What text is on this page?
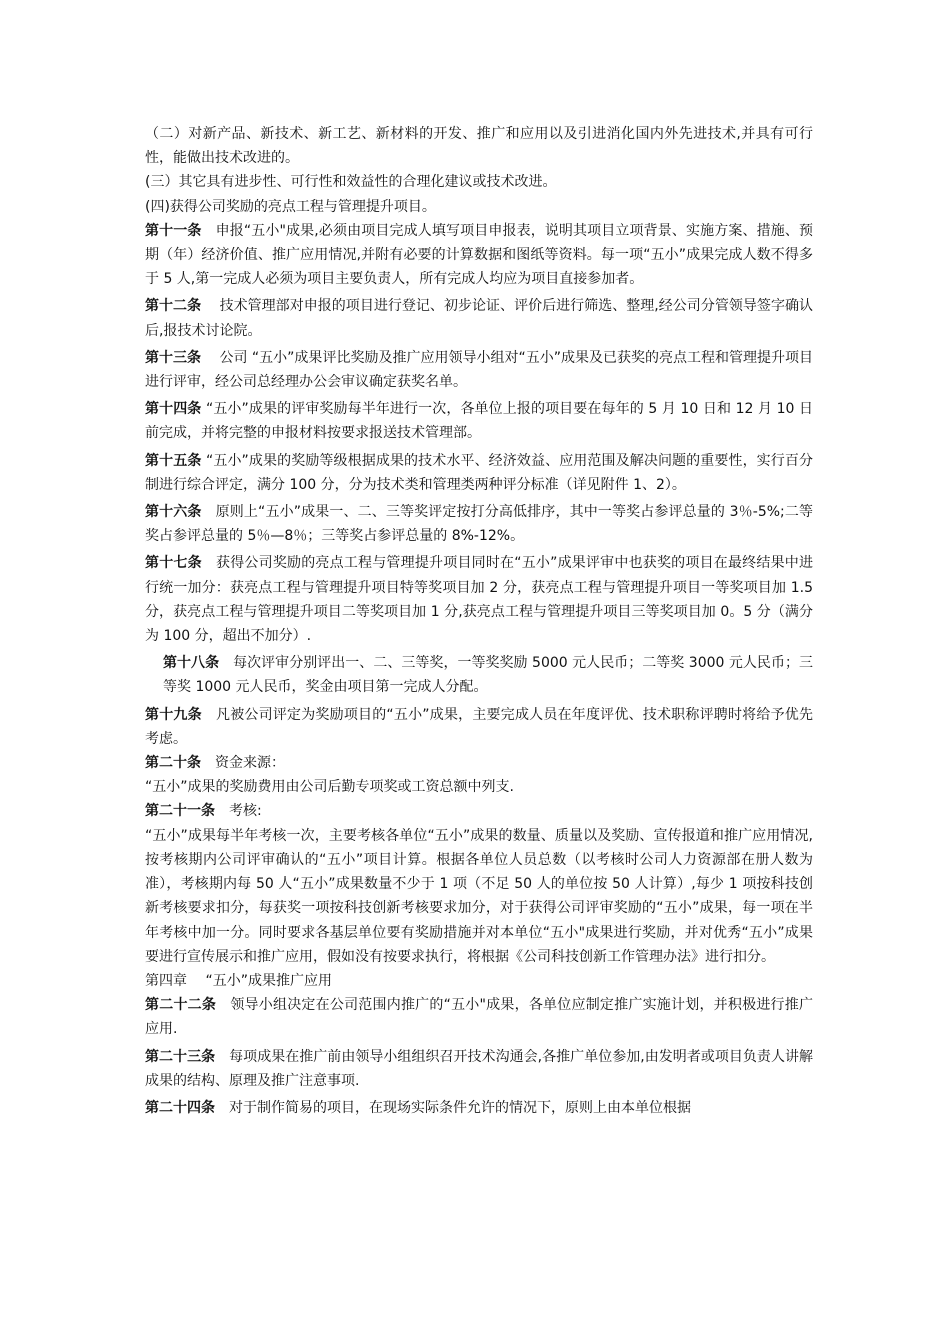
（二）对新产品、新技术、新工艺、新材料的开发、推广和应用以及引进消化国内外先进技术,并具有可行性，能做出技术改进的。
(三）其它具有进步性、可行性和效益性的合理化建议或技术改进。
(四)获得公司奖励的亮点工程与管理提升项目。
第十一条　申报“五小"成果,必须由项目完成人填写项目申报表，说明其项目立项背景、实施方案、措施、预期（年）经济价值、推广应用情况,并附有必要的计算数据和图纸等资料。每一项“五小”成果完成人数不得多于 5 人,第一完成人必须为项目主要负责人，所有完成人均应为项目直接参加者。
第十二条　 技术管理部对申报的项目进行登记、初步论证、评价后进行筛选、整理,经公司分管领导签字确认后,报技术讨论院。
第十三条　 公司 “五小”成果评比奖励及推广应用领导小组对“五小”成果及已获奖的亮点工程和管理提升项目进行评审，经公司总经理办公会审议确定获奖名单。
第十四条 “五小”成果的评审奖励每半年进行一次，各单位上报的项目要在每年的 5 月 10 日和 12 月 10 日前完成，并将完整的申报材料按要求报送技术管理部。
第十五条 “五小”成果的奖励等级根据成果的技术水平、经济效益、应用范围及解决问题的重要性，实行百分制进行综合评定，满分 100 分，分为技术类和管理类两种评分标准（详见附件 1、2）。
第十六条　原则上“五小”成果一、二、三等奖评定按打分高低排序，其中一等奖占参评总量的 3％-5%;二等奖占参评总量的 5％—8％；三等奖占参评总量的 8%-12%。
第十七条　获得公司奖励的亮点工程与管理提升项目同时在“五小”成果评审中也获奖的项目在最终结果中进行统一加分：获亮点工程与管理提升项目特等奖项目加 2 分，获亮点工程与管理提升项目一等奖项目加 1.5 分，获亮点工程与管理提升项目二等奖项目加 1 分,获亮点工程与管理提升项目三等奖项目加 0。5 分（满分为 100 分，超出不加分）.
第十八条　每次评审分别评出一、二、三等奖，一等奖奖励 5000 元人民币；二等奖 3000 元人民币；三等奖 1000 元人民币，奖金由项目第一完成人分配。
第十九条　凡被公司评定为奖励项目的“五小”成果，主要完成人员在年度评优、技术职称评聘时将给予优先考虑。
第二十条　资金来源：
“五小”成果的奖励费用由公司后勤专项奖或工资总额中列支.
第二十一条　考核:
“五小”成果每半年考核一次，主要考核各单位“五小”成果的数量、质量以及奖励、宣传报道和推广应用情况,按考核期内公司评审确认的“五小”项目计算。根据各单位人员总数（以考核时公司人力资源部在册人数为准），考核期内每 50 人“五小”成果数量不少于 1 项（不足 50 人的单位按 50 人计算）,每少 1 项按科技创新考核要求扣分，每获奖一项按科技创新考核要求加分，对于获得公司评审奖励的“五小”成果，每一项在半年考核中加一分。同时要求各基层单位要有奖励措施并对本单位“五小"成果进行奖励，并对优秀“五小”成果要进行宣传展示和推广应用，假如没有按要求执行，将根据《公司科技创新工作管理办法》进行扣分。
第四章 　“五小”成果推广应用
第二十二条　领导小组决定在公司范围内推广的“五小"成果，各单位应制定推广实施计划，并积极进行推广应用.
第二十三条　每项成果在推广前由领导小组组织召开技术沟通会,各推广单位参加,由发明者或项目负责人讲解成果的结构、原理及推广注意事项.
第二十四条　对于制作简易的项目，在现场实际条件允许的情况下，原则上由本单位根据
